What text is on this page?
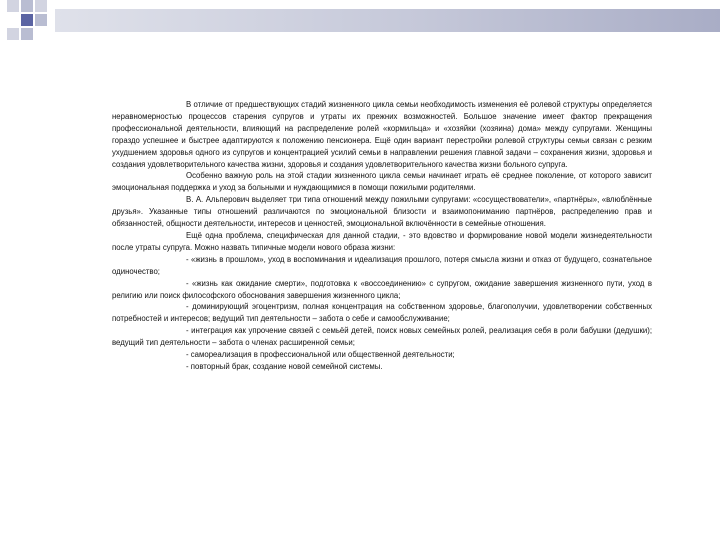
В отличие от предшествующих стадий жизненного цикла семьи необходимость изменения её ролевой структуры определяется неравномерностью процессов старения супругов и утраты их прежних возможностей. Большое значение имеет фактор прекращения профессиональной деятельности, влияющий на распределение ролей «кормильца» и «хозяйки (хозяина) дома» между супругами. Женщины гораздо успешнее и быстрее адаптируются к положению пенсионера. Ещё один вариант перестройки ролевой структуры семьи связан с резким ухудшением здоровья одного из супругов и концентрацией усилий семьи в направлении решения главной задачи – сохранения жизни, здоровья и создания удовлетворительного качества жизни, здоровья и создания удовлетворительного качества жизни больного супруга.

Особенно важную роль на этой стадии жизненного цикла семьи начинает играть её среднее поколение, от которого зависит эмоциональная поддержка и уход за больными и нуждающимися в помощи пожилыми родителями.

В. А. Альперович выделяет три типа отношений между пожилыми супругами: «сосуществователи», «партнёры», «влюблённые друзья». Указанные типы отношений различаются по эмоциональной близости и взаимопониманию партнёров, распределению прав и обязанностей, общности деятельности, интересов и ценностей, эмоциональной включённости в семейные отношения.

Ещё одна проблема, специфическая для данной стадии, - это вдовство и формирование новой модели жизнедеятельности после утраты супруга. Можно назвать типичные модели нового образа жизни:

- «жизнь в прошлом», уход в воспоминания и идеализация прошлого, потеря смысла жизни и отказ от будущего, сознательное одиночество;

- «жизнь как ожидание смерти», подготовка к «воссоединению» с супругом, ожидание завершения жизненного пути, уход в религию или поиск философского обоснования завершения жизненного цикла;

- доминирующий эгоцентризм, полная концентрация на собственном здоровье, благополучии, удовлетворении собственных потребностей и интересов; ведущий тип деятельности – забота о себе и самообслуживание;

- интеграция как упрочение связей с семьёй детей, поиск новых семейных ролей, реализация себя в роли бабушки (дедушки); ведущий тип деятельности – забота о членах расширенной семьи;

- самореализация в профессиональной или общественной деятельности;

- повторный брак, создание новой семейной системы.
